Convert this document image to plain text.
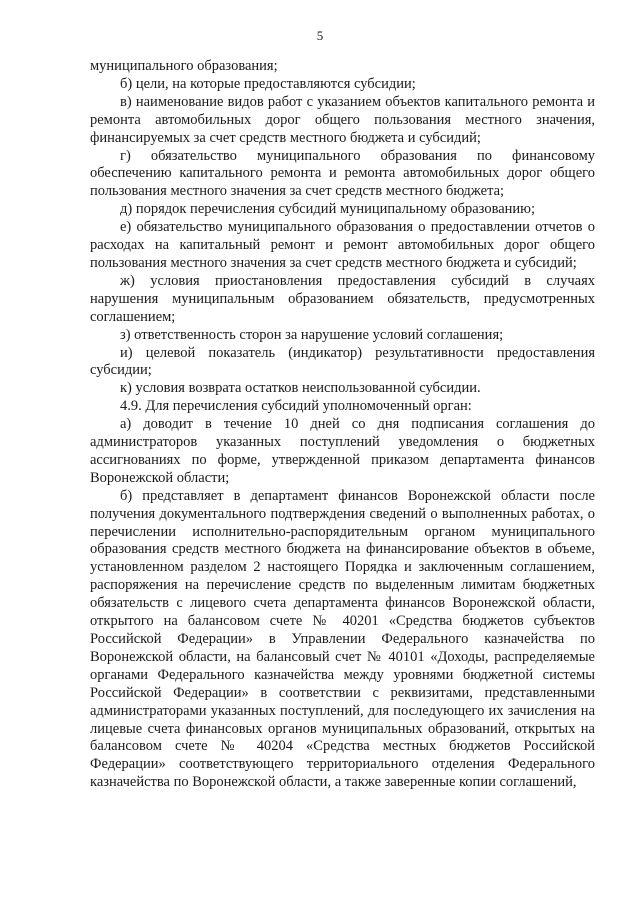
5

муниципального образования;

б) цели, на которые предоставляются субсидии;

в) наименование видов работ с указанием объектов капитального ремонта и ремонта автомобильных дорог общего пользования местного значения, финансируемых за счет средств местного бюджета и субсидий;

г) обязательство муниципального образования по финансовому обеспечению капитального ремонта и ремонта автомобильных дорог общего пользования местного значения за счет средств местного бюджета;

д) порядок перечисления субсидий муниципальному образованию;

е) обязательство муниципального образования о предоставлении отчетов о расходах на капитальный ремонт и ремонт автомобильных дорог общего пользования местного значения за счет средств местного бюджета и субсидий;

ж) условия приостановления предоставления субсидий в случаях нарушения муниципальным образованием обязательств, предусмотренных соглашением;

з) ответственность сторон за нарушение условий соглашения;

и) целевой показатель (индикатор) результативности предоставления субсидии;

к) условия возврата остатков неиспользованной субсидии.

4.9. Для перечисления субсидий уполномоченный орган:

а) доводит в течение 10 дней со дня подписания соглашения до администраторов указанных поступлений уведомления о бюджетных ассигнованиях по форме, утвержденной приказом департамента финансов Воронежской области;

б) представляет в департамент финансов Воронежской области после получения документального подтверждения сведений о выполненных работах, о перечислении исполнительно-распорядительным органом муниципального образования средств местного бюджета на финансирование объектов в объеме, установленном разделом 2 настоящего Порядка и заключенным соглашением, распоряжения на перечисление средств по выделенным лимитам бюджетных обязательств с лицевого счета департамента финансов Воронежской области, открытого на балансовом счете № 40201 «Средства бюджетов субъектов Российской Федерации» в Управлении Федерального казначейства по Воронежской области, на балансовый счет № 40101 «Доходы, распределяемые органами Федерального казначейства между уровнями бюджетной системы Российской Федерации» в соответствии с реквизитами, представленными администраторами указанных поступлений, для последующего их зачисления на лицевые счета финансовых органов муниципальных образований, открытых на балансовом счете № 40204 «Средства местных бюджетов Российской Федерации» соответствующего территориального отделения Федерального казначейства по Воронежской области, а также заверенные копии соглашений,
